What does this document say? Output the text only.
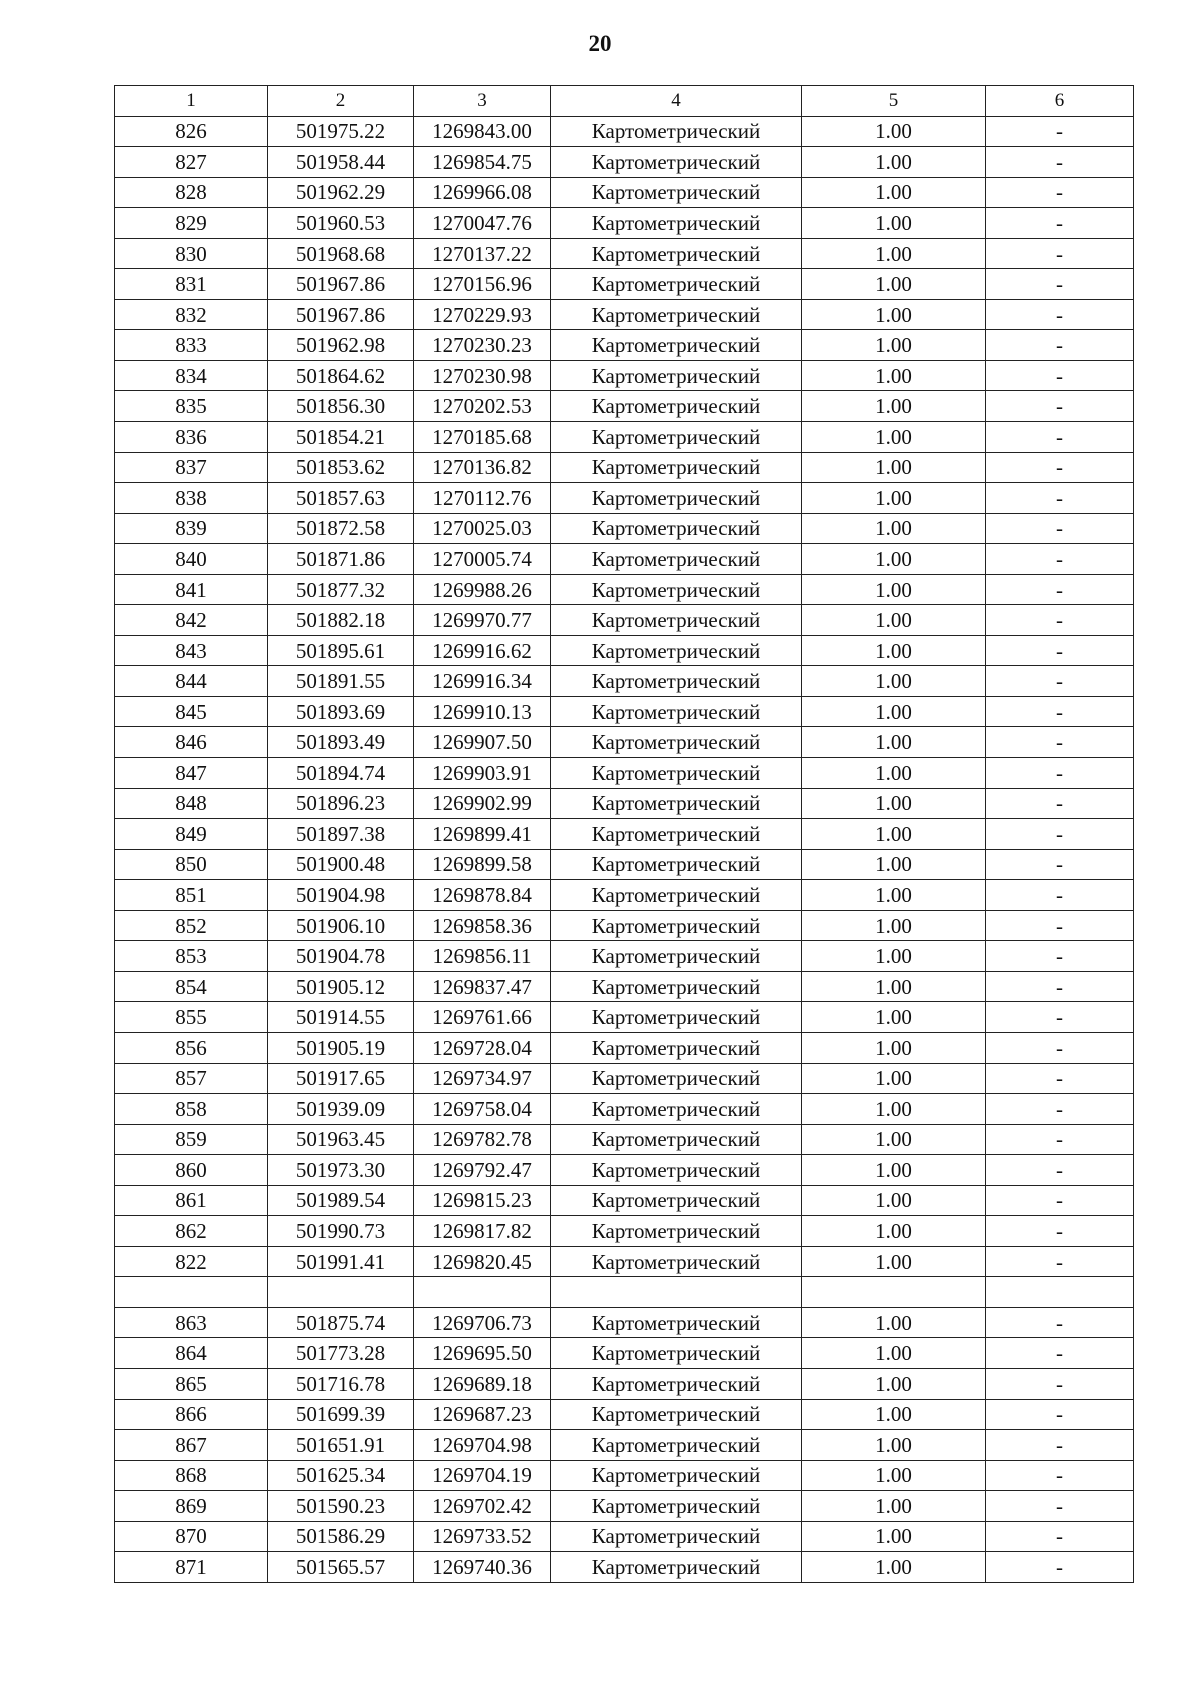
20
1	2	3	4	5	6
826	501975.22	1269843.00	Картометрический	1.00	-
827	501958.44	1269854.75	Картометрический	1.00	-
828	501962.29	1269966.08	Картометрический	1.00	-
829	501960.53	1270047.76	Картометрический	1.00	-
830	501968.68	1270137.22	Картометрический	1.00	-
831	501967.86	1270156.96	Картометрический	1.00	-
832	501967.86	1270229.93	Картометрический	1.00	-
833	501962.98	1270230.23	Картометрический	1.00	-
834	501864.62	1270230.98	Картометрический	1.00	-
835	501856.30	1270202.53	Картометрический	1.00	-
836	501854.21	1270185.68	Картометрический	1.00	-
837	501853.62	1270136.82	Картометрический	1.00	-
838	501857.63	1270112.76	Картометрический	1.00	-
839	501872.58	1270025.03	Картометрический	1.00	-
840	501871.86	1270005.74	Картометрический	1.00	-
841	501877.32	1269988.26	Картометрический	1.00	-
842	501882.18	1269970.77	Картометрический	1.00	-
843	501895.61	1269916.62	Картометрический	1.00	-
844	501891.55	1269916.34	Картометрический	1.00	-
845	501893.69	1269910.13	Картометрический	1.00	-
846	501893.49	1269907.50	Картометрический	1.00	-
847	501894.74	1269903.91	Картометрический	1.00	-
848	501896.23	1269902.99	Картометрический	1.00	-
849	501897.38	1269899.41	Картометрический	1.00	-
850	501900.48	1269899.58	Картометрический	1.00	-
851	501904.98	1269878.84	Картометрический	1.00	-
852	501906.10	1269858.36	Картометрический	1.00	-
853	501904.78	1269856.11	Картометрический	1.00	-
854	501905.12	1269837.47	Картометрический	1.00	-
855	501914.55	1269761.66	Картометрический	1.00	-
856	501905.19	1269728.04	Картометрический	1.00	-
857	501917.65	1269734.97	Картометрический	1.00	-
858	501939.09	1269758.04	Картометрический	1.00	-
859	501963.45	1269782.78	Картометрический	1.00	-
860	501973.30	1269792.47	Картометрический	1.00	-
861	501989.54	1269815.23	Картометрический	1.00	-
862	501990.73	1269817.82	Картометрический	1.00	-
822	501991.41	1269820.45	Картометрический	1.00	-

863	501875.74	1269706.73	Картометрический	1.00	-
864	501773.28	1269695.50	Картометрический	1.00	-
865	501716.78	1269689.18	Картометрический	1.00	-
866	501699.39	1269687.23	Картометрический	1.00	-
867	501651.91	1269704.98	Картометрический	1.00	-
868	501625.34	1269704.19	Картометрический	1.00	-
869	501590.23	1269702.42	Картометрический	1.00	-
870	501586.29	1269733.52	Картометрический	1.00	-
871	501565.57	1269740.36	Картометрический	1.00	-
